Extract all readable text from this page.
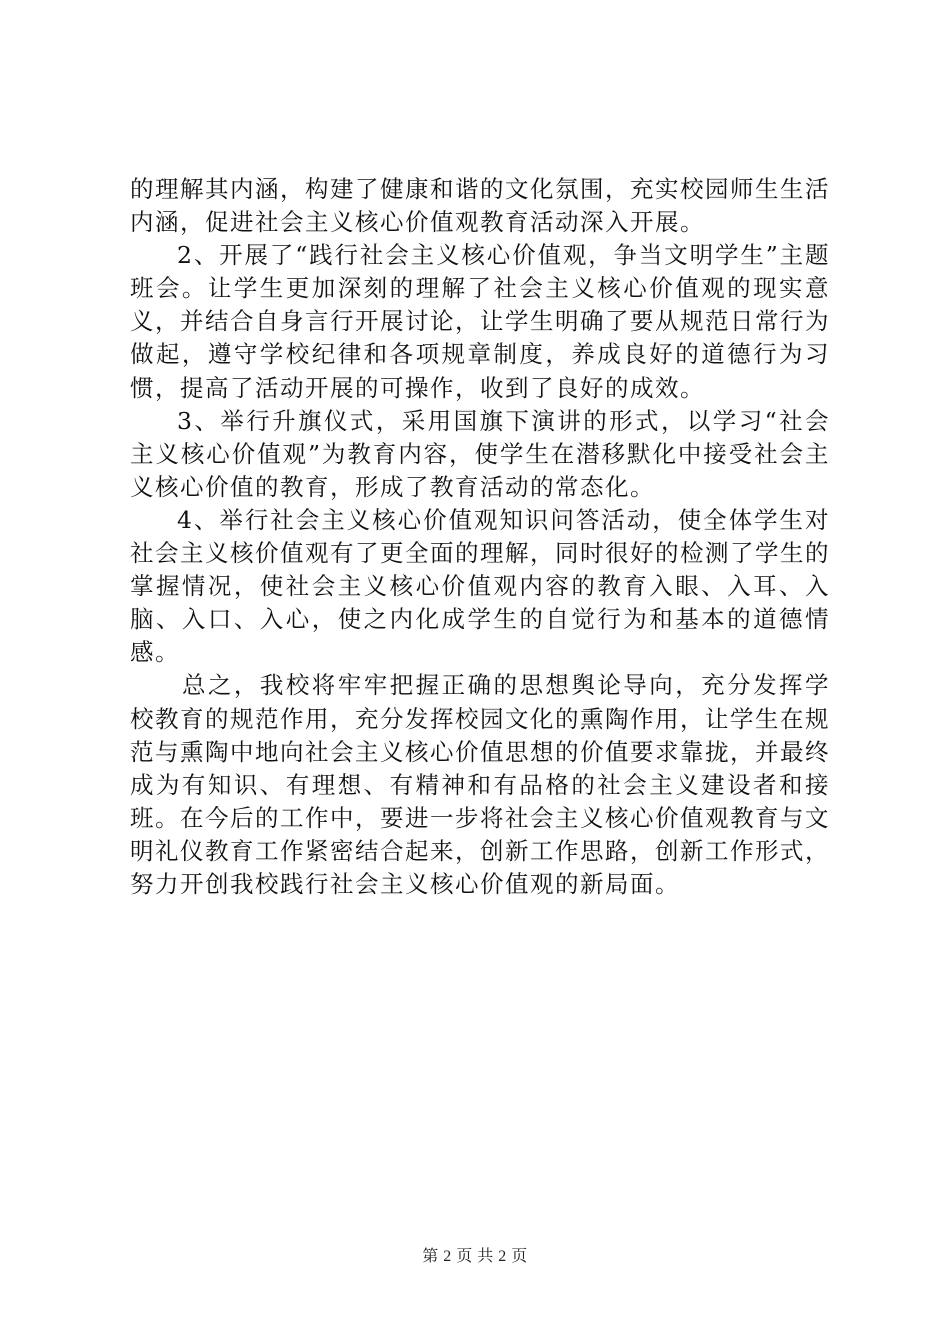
的理解其内涵，构建了健康和谐的文化氛围，充实校园师生生活内涵，促进社会主义核心价值观教育活动深入开展。

2、开展了“践行社会主义核心价值观，争当文明学生”主题班会。让学生更加深刻的理解了社会主义核心价值观的现实意义，并结合自身言行开展讨论，让学生明确了要从规范日常行为做起，遵守学校纪律和各项规章制度，养成良好的道德行为习惯，提高了活动开展的可操作，收到了良好的成效。

3、举行升旗仪式，采用国旗下演讲的形式，以学习“社会主义核心价值观”为教育内容，使学生在潜移默化中接受社会主义核心价值的教育，形成了教育活动的常态化。

4、举行社会主义核心价值观知识问答活动，使全体学生对社会主义核价值观有了更全面的理解，同时很好的检测了学生的掌握情况，使社会主义核心价值观内容的教育入眼、入耳、入脑、入口、入心，使之内化成学生的自觉行为和基本的道德情感。

总之，我校将牢牢把握正确的思想舆论导向，充分发挥学校教育的规范作用，充分发挥校园文化的熏陶作用，让学生在规范与熏陶中地向社会主义核心价值思想的价值要求靠拢，并最终成为有知识、有理想、有精神和有品格的社会主义建设者和接班。在今后的工作中，要进一步将社会主义核心价值观教育与文明礼仪教育工作紧密结合起来，创新工作思路，创新工作形式，努力开创我校践行社会主义核心价值观的新局面。

第 2 页 共 2 页
